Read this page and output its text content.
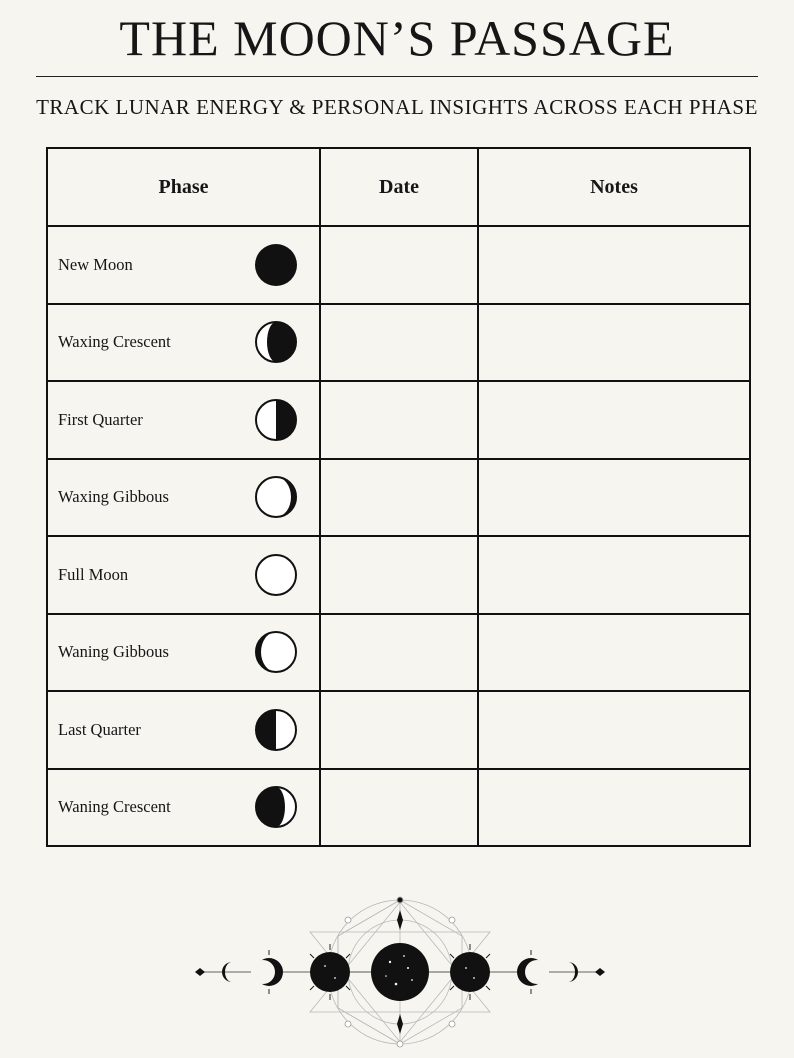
THE MOON’S PASSAGE
TRACK LUNAR ENERGY & PERSONAL INSIGHTS ACROSS EACH PHASE
Phase	Date	Notes

New Moon		

Waxing Crescent		

First Quarter		

Waxing Gibbous		

Full Moon		

Waning Gibbous		

Last Quarter		

Waning Crescent		
